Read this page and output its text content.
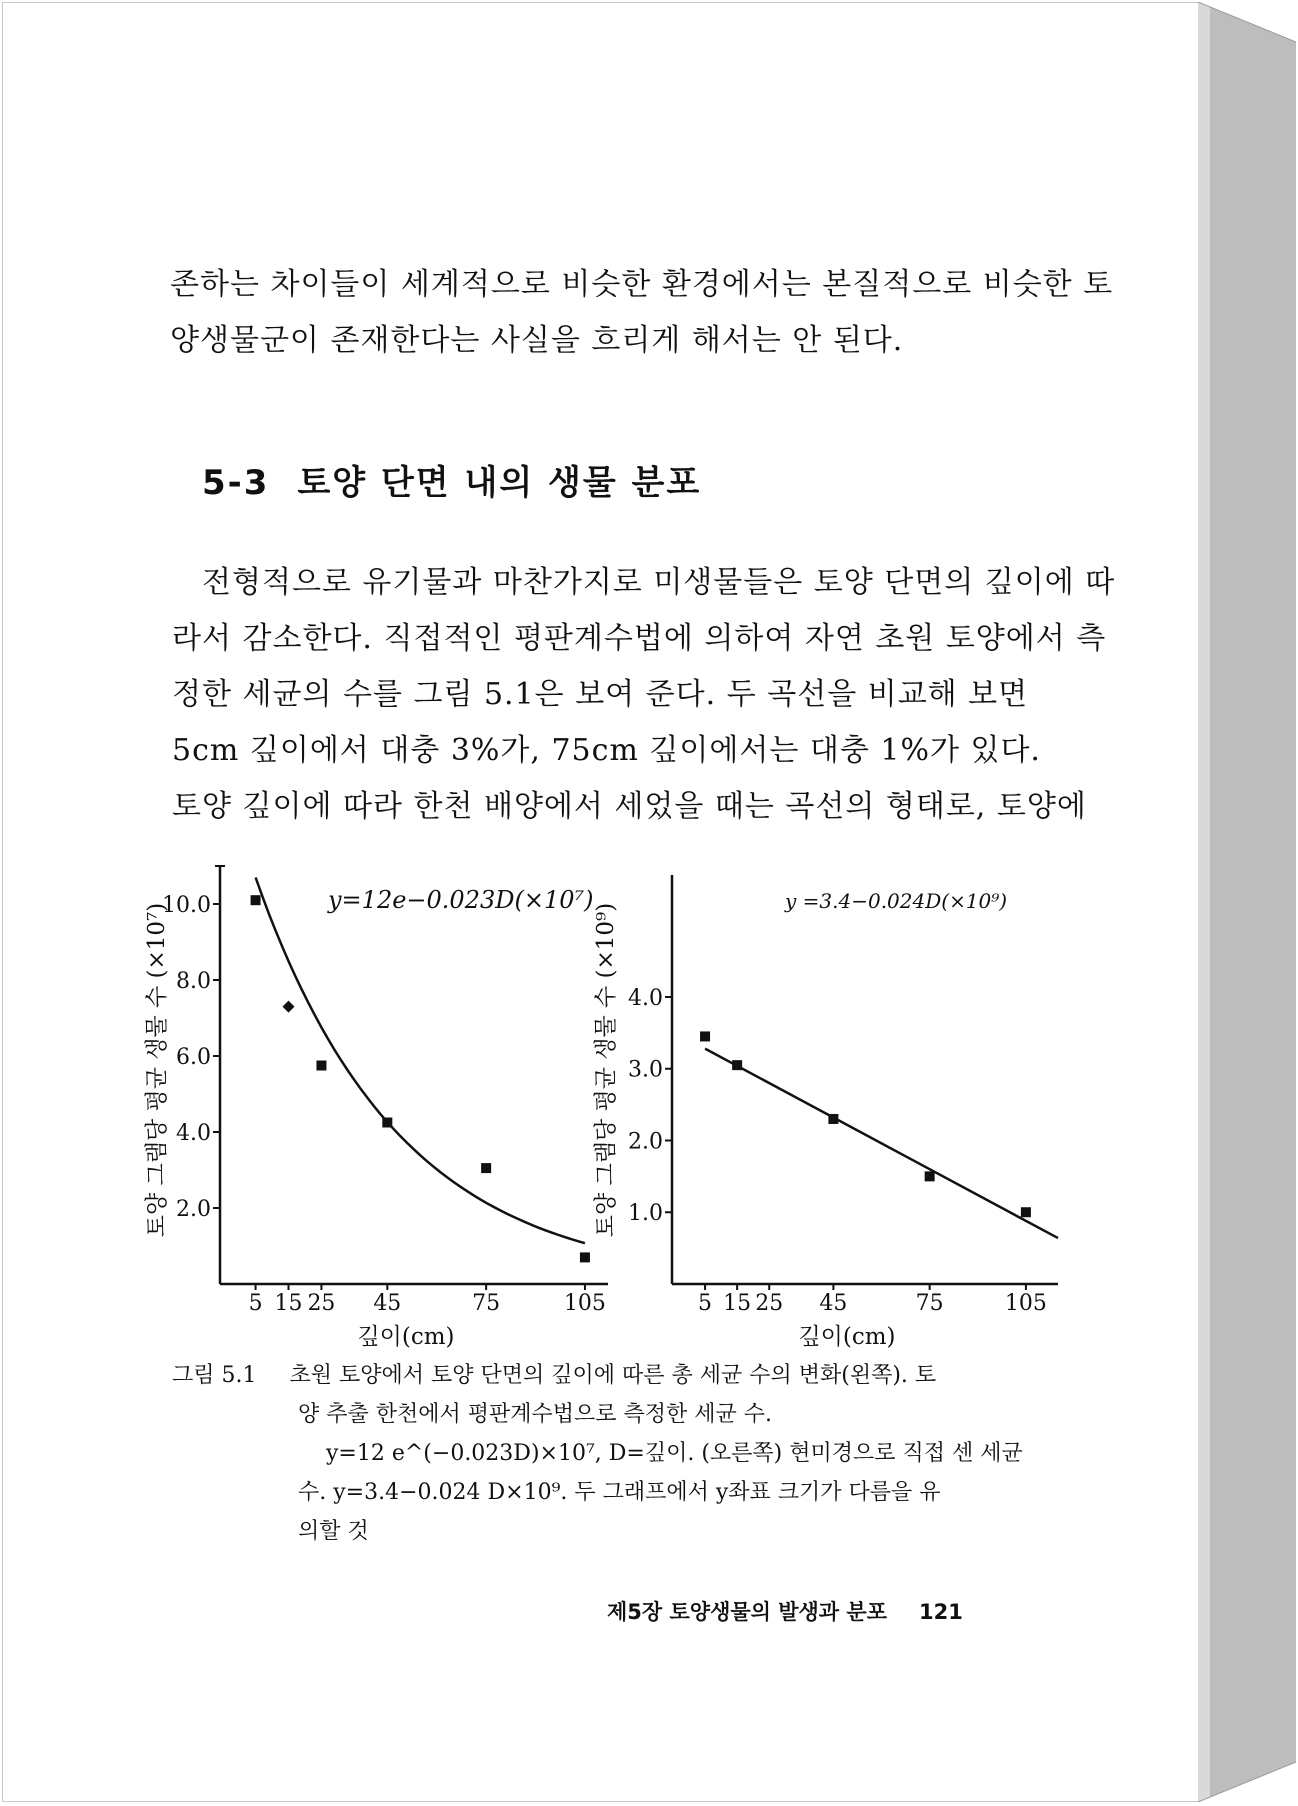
존하는 차이들이 세계적으로 비슷한 환경에서는 본질적으로 비슷한 토

양생물군이 존재한다는 사실을 흐리게 해서는 안 된다.

5-3 토양 단면 내의 생물 분포

전형적으로 유기물과 마찬가지로 미생물들은 토양 단면의 깊이에 따

라서 감소한다. 직접적인 평판계수법에 의하여 자연 초원 토양에서 측

정한 세균의 수를 그림 5.1은 보여 준다. 두 곡선을 비교해 보면

5cm 깊이에서 대충 3%가, 75cm 깊이에서는 대충 1%가 있다.

토양 깊이에 따라 한천 배양에서 세었을 때는 곡선의 형태로, 토양에

2.0
4.0
6.0
8.0
10.0
5 15 25 45	75	105
깊이(cm)
토양 그램당 평균 생물 수 (×10⁷)
y=12e−0.023D(×10⁷)
1.0
2.0
3.0
4.0
5 15 25 45	75	105
깊이(cm)
토양 그램당 평균 생물 수 (×10⁹)
y =3.4−0.024D(×10⁹)
그림 5.1 초원 토양에서 토양 단면의 깊이에 따른 총 세균 수의 변화(왼쪽). 토
양 추출 한천에서 평판계수법으로 측정한 세균 수.
y=12 e^(−0.023D)×10⁷, D=깊이. (오른쪽) 현미경으로 직접 센 세균
수. y=3.4−0.024 D×10⁹. 두 그래프에서 y좌표 크기가 다름을 유
의할 것
제5장 토양생물의 발생과 분포 121
